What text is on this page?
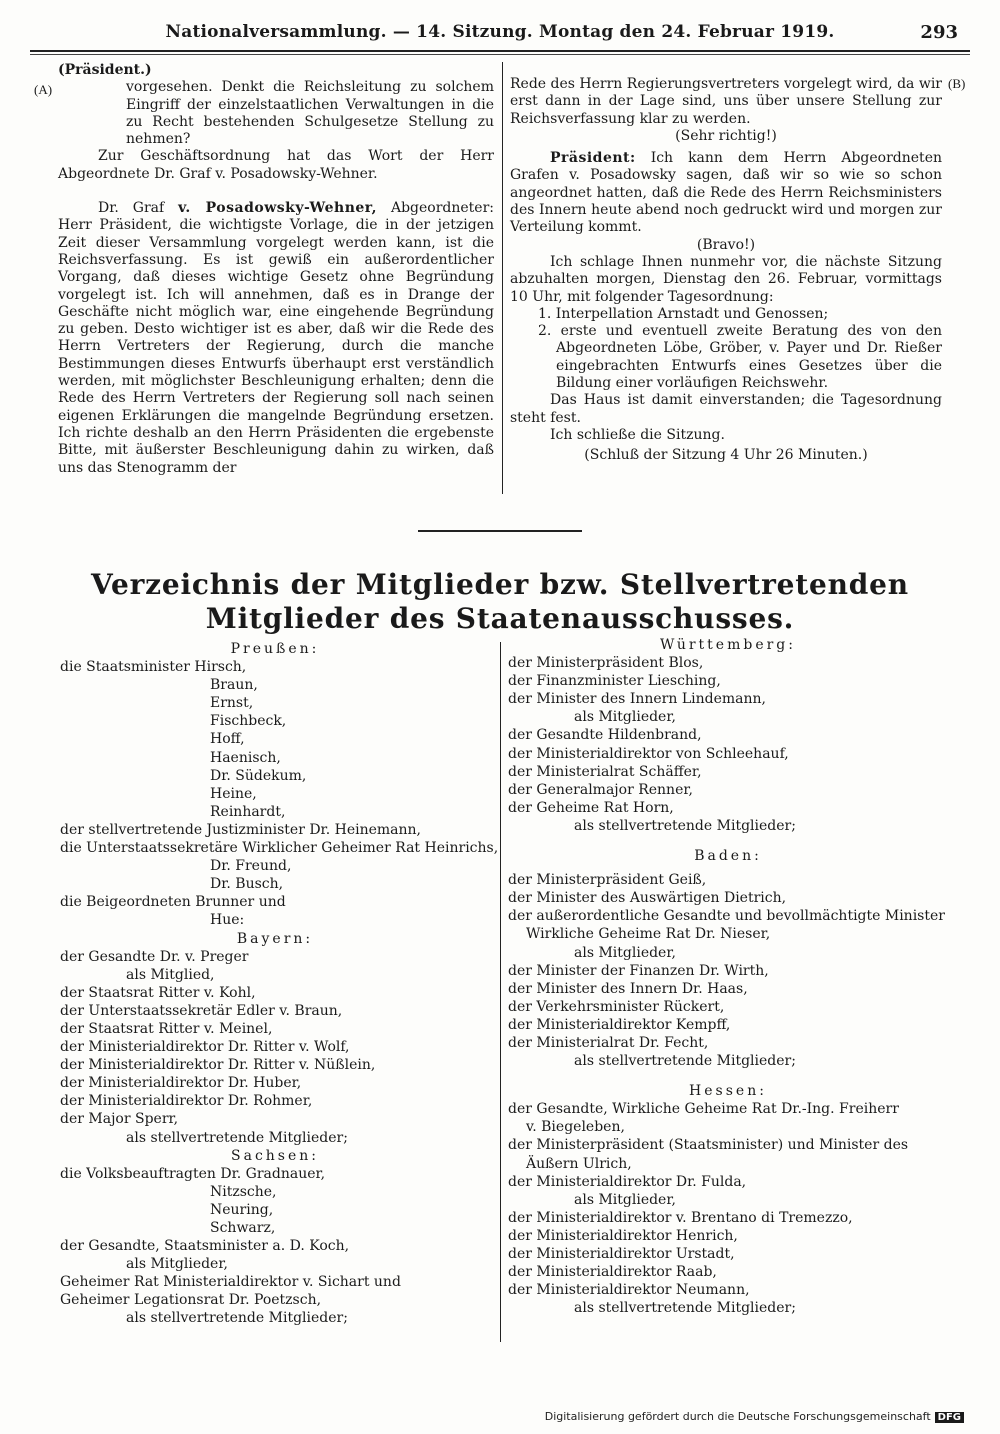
Nationalversammlung. — 14. Sitzung. Montag den 24. Februar 1919.	293
(A)	(B)

(Präsident.)

vorgesehen. Denkt die Reichsleitung zu solchem Eingriff der einzelstaatlichen Verwaltungen in die zu Recht bestehenden Schulgesetze Stellung zu nehmen?

Zur Geschäftsordnung hat das Wort der Herr Abgeordnete Dr. Graf v. Posadowsky-Wehner.

Dr. Graf v. Posadowsky-Wehner, Abgeordneter: Herr Präsident, die wichtigste Vorlage, die in der jetzigen Zeit dieser Versammlung vorgelegt werden kann, ist die Reichsverfassung. Es ist gewiß ein außerordentlicher Vorgang, daß dieses wichtige Gesetz ohne Begründung vorgelegt ist. Ich will annehmen, daß es in Drange der Geschäfte nicht möglich war, eine eingehende Begründung zu geben. Desto wichtiger ist es aber, daß wir die Rede des Herrn Vertreters der Regierung, durch die manche Bestimmungen dieses Entwurfs überhaupt erst verständlich werden, mit möglichster Beschleunigung erhalten; denn die Rede des Herrn Vertreters der Regierung soll nach seinen eigenen Erklärungen die mangelnde Begründung ersetzen. Ich richte deshalb an den Herrn Präsidenten die ergebenste Bitte, mit äußerster Beschleunigung dahin zu wirken, daß uns das Stenogramm der

Rede des Herrn Regierungsvertreters vorgelegt wird, da wir erst dann in der Lage sind, uns über unsere Stellung zur Reichsverfassung klar zu werden.

(Sehr richtig!)

Präsident: Ich kann dem Herrn Abgeordneten Grafen v. Posadowsky sagen, daß wir so wie so schon angeordnet hatten, daß die Rede des Herrn Reichsministers des Innern heute abend noch gedruckt wird und morgen zur Verteilung kommt.

(Bravo!)

Ich schlage Ihnen nunmehr vor, die nächste Sitzung abzuhalten morgen, Dienstag den 26. Februar, vormittags 10 Uhr, mit folgender Tagesordnung:

1. Interpellation Arnstadt und Genossen;

2. erste und eventuell zweite Beratung des von den Abgeordneten Löbe, Gröber, v. Payer und Dr. Rießer eingebrachten Entwurfs eines Gesetzes über die Bildung einer vorläufigen Reichswehr.

Das Haus ist damit einverstanden; die Tagesordnung steht fest.

Ich schließe die Sitzung.

(Schluß der Sitzung 4 Uhr 26 Minuten.)

Verzeichnis der Mitglieder bzw. Stellvertretenden Mitglieder des Staatenausschusses.

Preußen:

die Staatsminister Hirsch,

Braun,

Ernst,

Fischbeck,

Hoff,

Haenisch,

Dr. Südekum,

Heine,

Reinhardt,

der stellvertretende Justizminister Dr. Heinemann,

die Unterstaatssekretäre Wirklicher Geheimer Rat Heinrichs,

Dr. Freund,

Dr. Busch,

die Beigeordneten Brunner und

Hue:

Bayern:

der Gesandte Dr. v. Preger

als Mitglied,

der Staatsrat Ritter v. Kohl,

der Unterstaatssekretär Edler v. Braun,

der Staatsrat Ritter v. Meinel,

der Ministerialdirektor Dr. Ritter v. Wolf,

der Ministerialdirektor Dr. Ritter v. Nüßlein,

der Ministerialdirektor Dr. Huber,

der Ministerialdirektor Dr. Rohmer,

der Major Sperr,

als stellvertretende Mitglieder;

Sachsen:

die Volksbeauftragten Dr. Gradnauer,

Nitzsche,

Neuring,

Schwarz,

der Gesandte, Staatsminister a. D. Koch,

als Mitglieder,

Geheimer Rat Ministerialdirektor v. Sichart und

Geheimer Legationsrat Dr. Poetzsch,

als stellvertretende Mitglieder;

Württemberg:

der Ministerpräsident Blos,

der Finanzminister Liesching,

der Minister des Innern Lindemann,

als Mitglieder,

der Gesandte Hildenbrand,

der Ministerialdirektor von Schleehauf,

der Ministerialrat Schäffer,

der Generalmajor Renner,

der Geheime Rat Horn,

als stellvertretende Mitglieder;

Baden:

der Ministerpräsident Geiß,

der Minister des Auswärtigen Dietrich,

der außerordentliche Gesandte und bevollmächtigte Minister

Wirkliche Geheime Rat Dr. Nieser,

als Mitglieder,

der Minister der Finanzen Dr. Wirth,

der Minister des Innern Dr. Haas,

der Verkehrsminister Rückert,

der Ministerialdirektor Kempff,

der Ministerialrat Dr. Fecht,

als stellvertretende Mitglieder;

Hessen:

der Gesandte, Wirkliche Geheime Rat Dr.-Ing. Freiherr

v. Biegeleben,

der Ministerpräsident (Staatsminister) und Minister des

Äußern Ulrich,

der Ministerialdirektor Dr. Fulda,

als Mitglieder,

der Ministerialdirektor v. Brentano di Tremezzo,

der Ministerialdirektor Henrich,

der Ministerialdirektor Urstadt,

der Ministerialdirektor Raab,

der Ministerialdirektor Neumann,

als stellvertretende Mitglieder;

Digitalisierung gefördert durch die Deutsche Forschungsgemeinschaft DFG
